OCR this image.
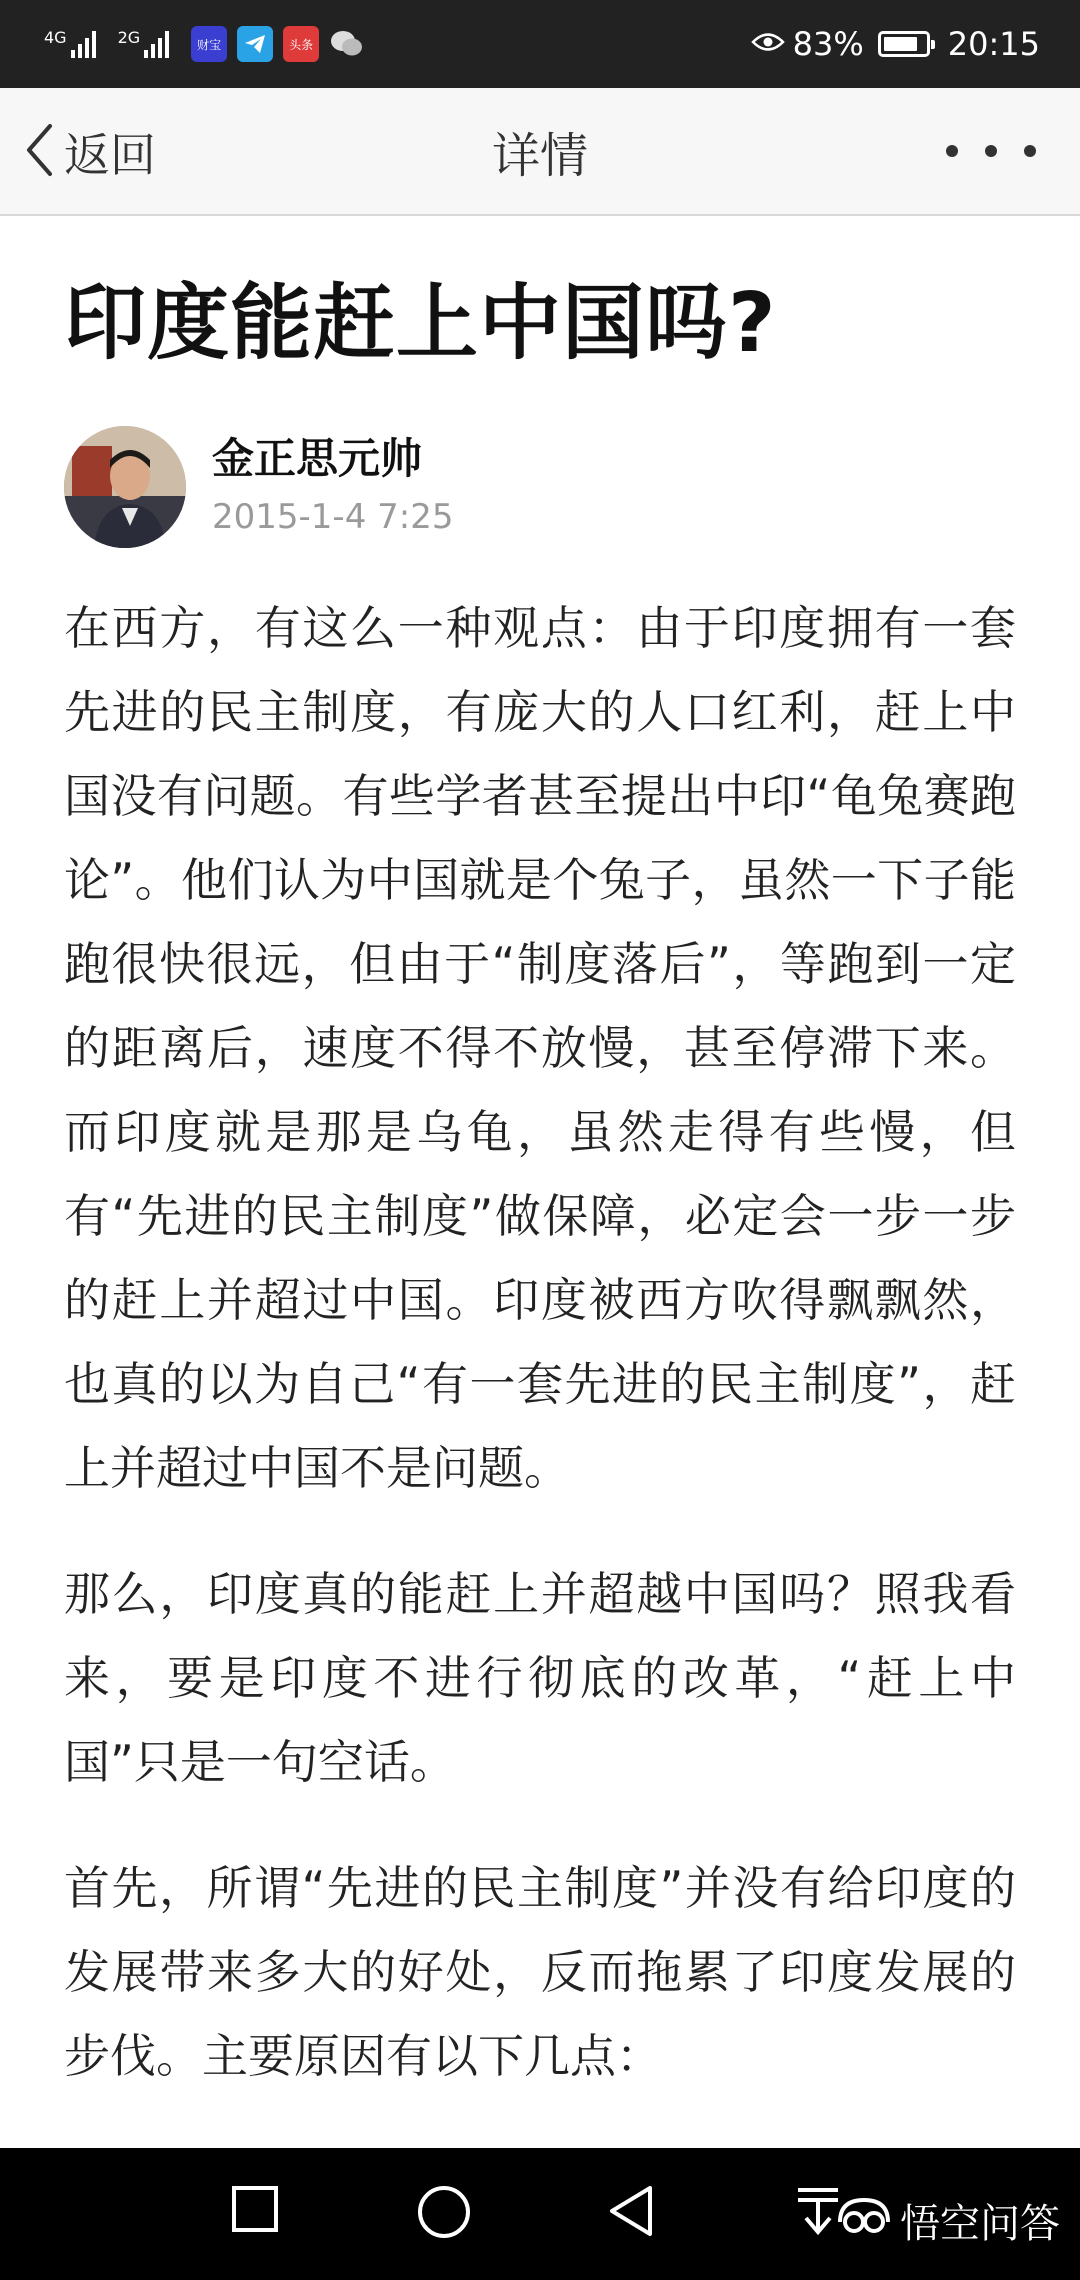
4G	2G	财宝	头条	83%	20:15
返回	详情
印度能赶上中国吗?
金正思元帅
2015-1-4 7:25

在西方，有这么一种观点：由于印度拥有一套先进的民主制度，有庞大的人口红利，赶上中国没有问题。有些学者甚至提出中印“龟兔赛跑论”。他们认为中国就是个兔子，虽然一下子能跑很快很远，但由于“制度落后”，等跑到一定的距离后，速度不得不放慢，甚至停滞下来。而印度就是那是乌龟，虽然走得有些慢，但有“先进的民主制度”做保障，必定会一步一步的赶上并超过中国。印度被西方吹得飘飘然，也真的以为自己“有一套先进的民主制度”，赶上并超过中国不是问题。

那么，印度真的能赶上并超越中国吗？照我看来，要是印度不进行彻底的改革，“赶上中国”只是一句空话。

首先，所谓“先进的民主制度”并没有给印度的发展带来多大的好处，反而拖累了印度发展的步伐。主要原因有以下几点：

悟空问答
